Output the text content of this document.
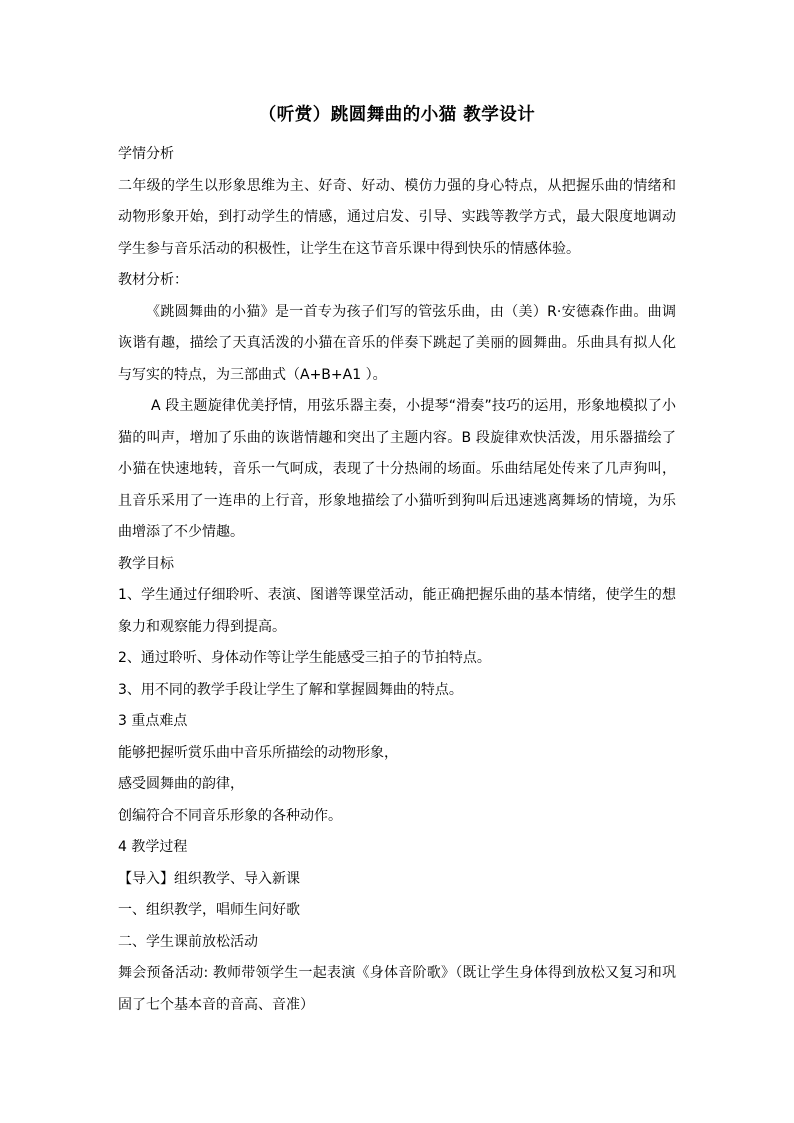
（听赏）跳圆舞曲的小猫 教学设计

学情分析

二年级的学生以形象思维为主、好奇、好动、模仿力强的身心特点，从把握乐曲的情绪和动物形象开始，到打动学生的情感，通过启发、引导、实践等教学方式，最大限度地调动学生参与音乐活动的积极性，让学生在这节音乐课中得到快乐的情感体验。

教材分析：

《跳圆舞曲的小猫》是一首专为孩子们写的管弦乐曲，由（美）R·安德森作曲。曲调诙谐有趣，描绘了天真活泼的小猫在音乐的伴奏下跳起了美丽的圆舞曲。乐曲具有拟人化与写实的特点，为三部曲式（A+B+A1 ）。

A 段主题旋律优美抒情，用弦乐器主奏，小提琴“滑奏”技巧的运用，形象地模拟了小猫的叫声，增加了乐曲的诙谐情趣和突出了主题内容。B 段旋律欢快活泼，用乐器描绘了小猫在快速地转，音乐一气呵成，表现了十分热闹的场面。乐曲结尾处传来了几声狗叫，且音乐采用了一连串的上行音，形象地描绘了小猫听到狗叫后迅速逃离舞场的情境，为乐曲增添了不少情趣。

教学目标

1、学生通过仔细聆听、表演、图谱等课堂活动，能正确把握乐曲的基本情绪，使学生的想象力和观察能力得到提高。

2、通过聆听、身体动作等让学生能感受三拍子的节拍特点。

3、用不同的教学手段让学生了解和掌握圆舞曲的特点。

3 重点难点

能够把握听赏乐曲中音乐所描绘的动物形象，

感受圆舞曲的韵律，

创编符合不同音乐形象的各种动作。

4 教学过程

【导入】组织教学、导入新课

一、组织教学，唱师生问好歌

二、学生课前放松活动

舞会预备活动: 教师带领学生一起表演《身体音阶歌》（既让学生身体得到放松又复习和巩固了七个基本音的音高、音准）
